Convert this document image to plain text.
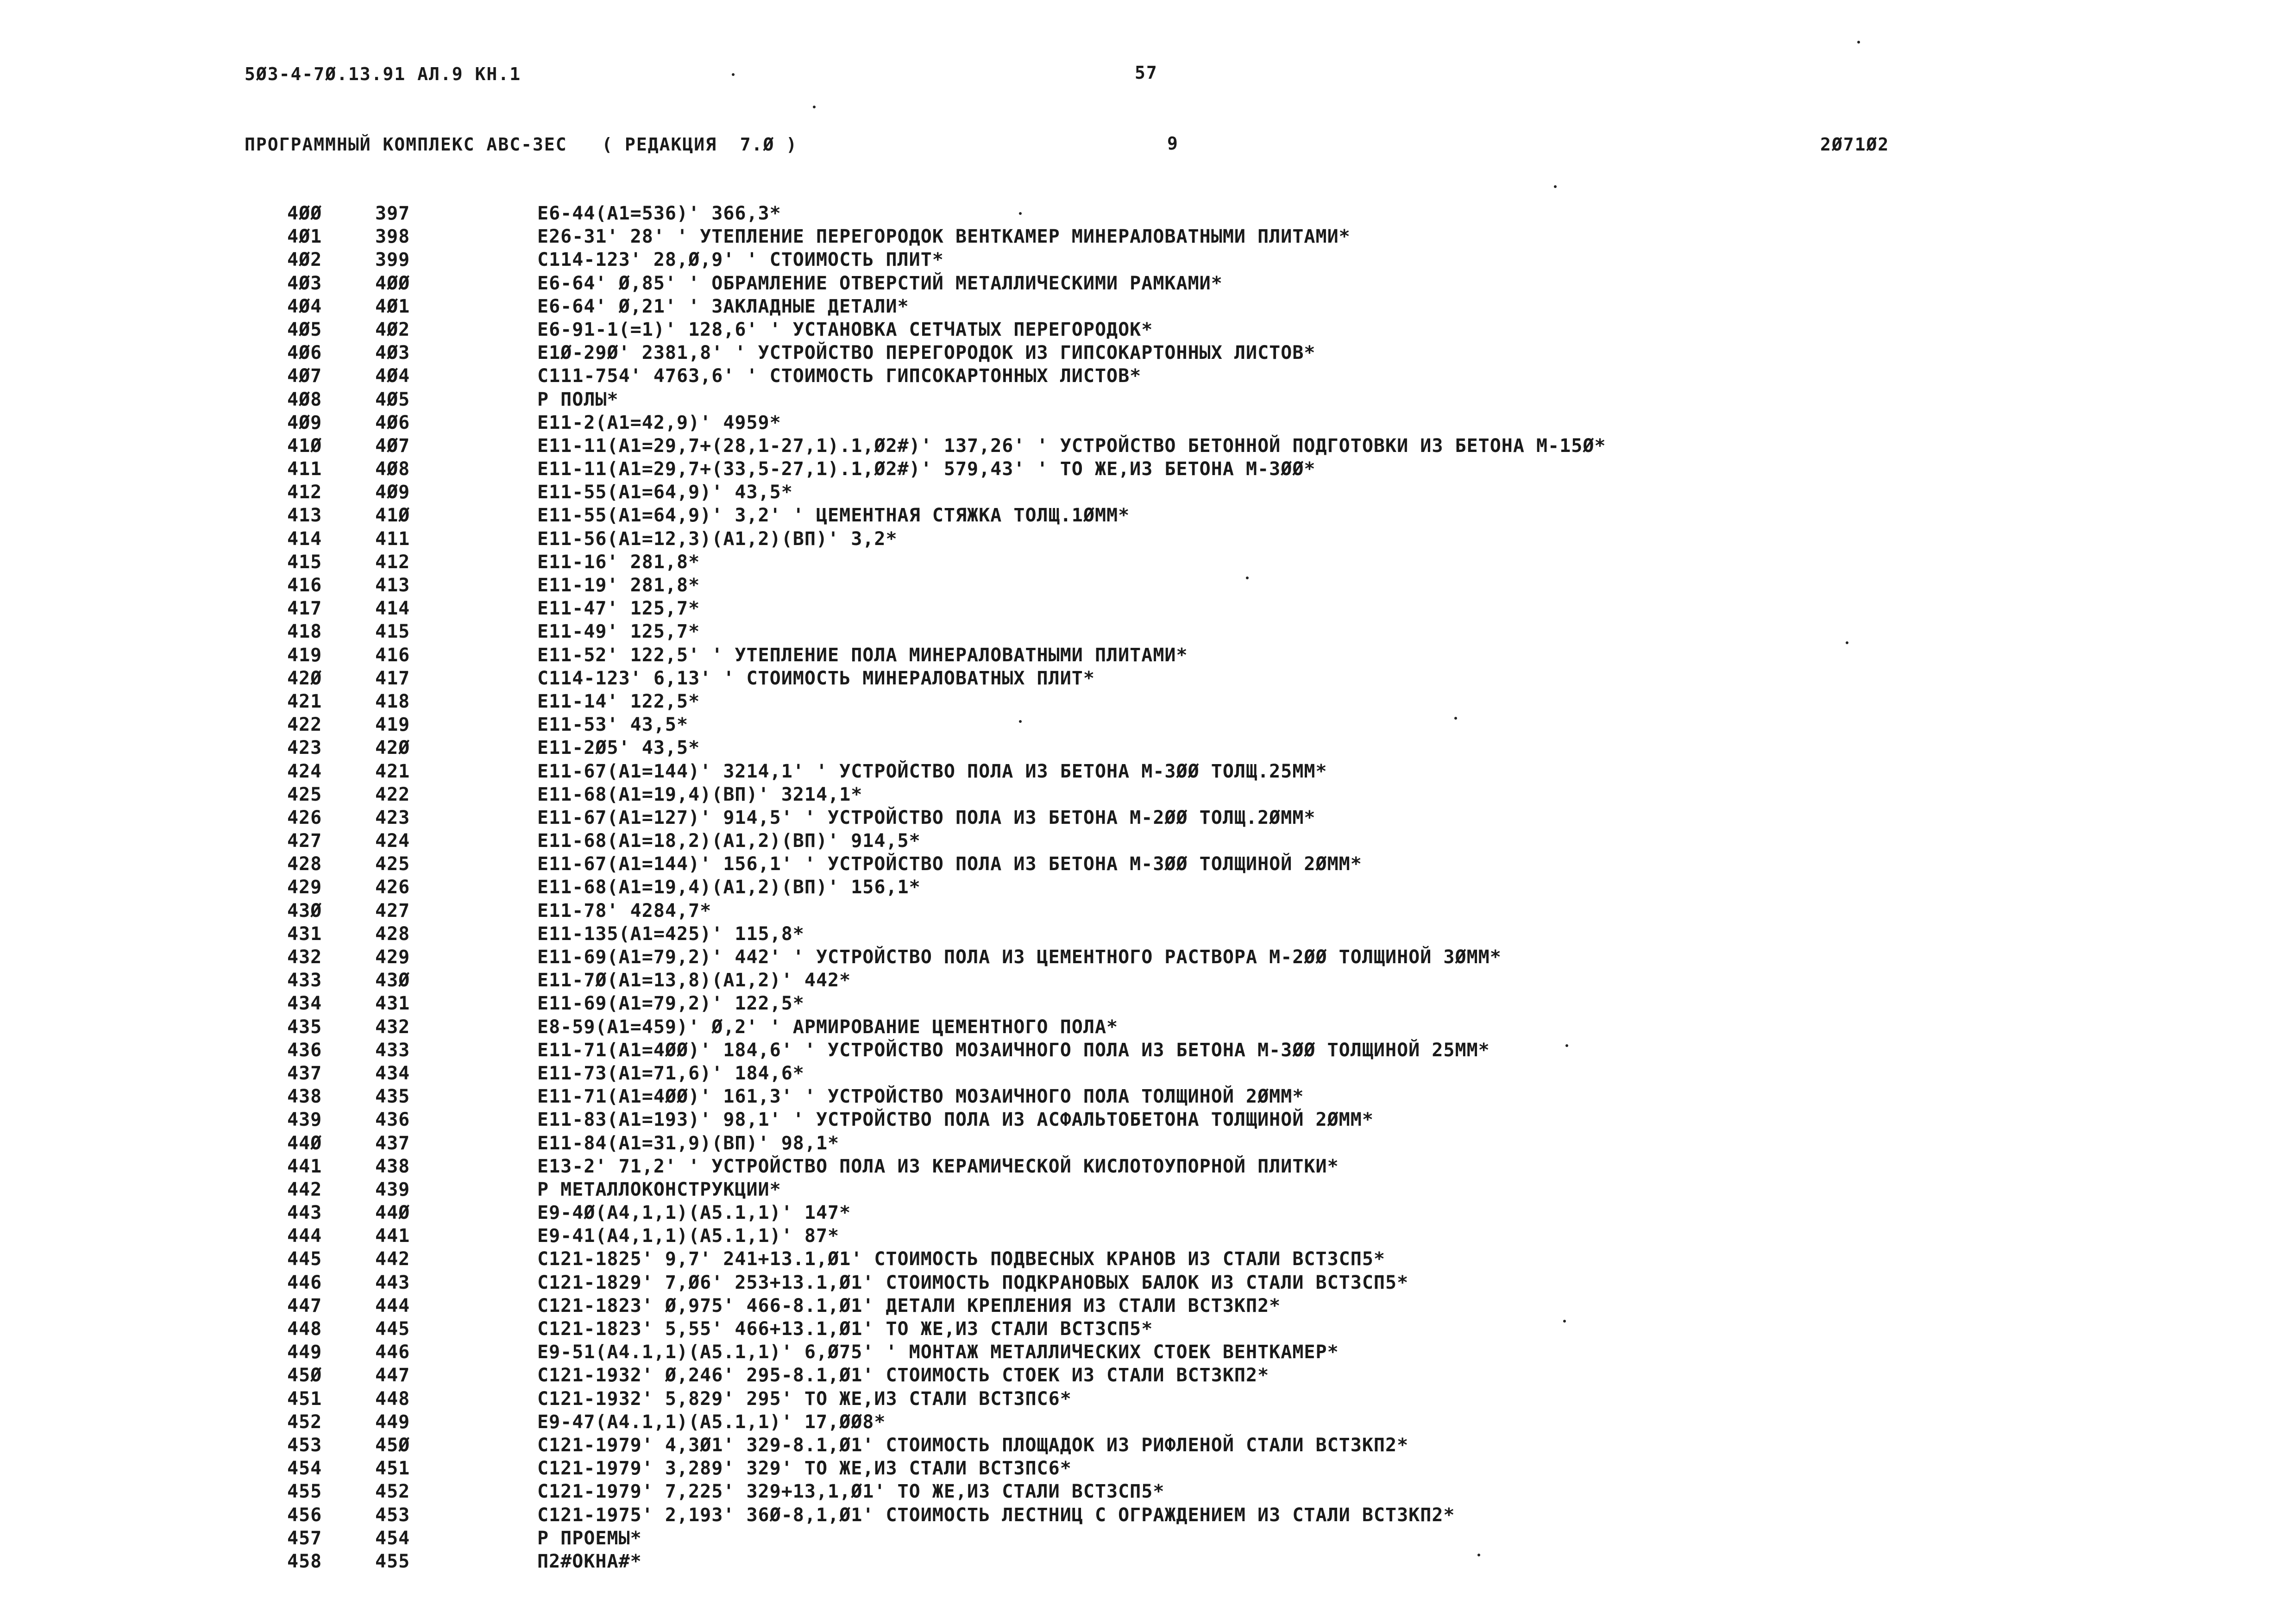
5Ø3-4-7Ø.13.91 АЛ.9 КН.1	57
ПРОГРАММНЫЙ КОМПЛЕКС АВС-3ЕС   ( РЕДАКЦИЯ  7.Ø )	9	2Ø71Ø2
4ØØ	397	Е6-44(А1=536)' 366,3*
4Ø1	398	Е26-31' 28' ' УТЕПЛЕНИЕ ПЕРЕГОРОДОК ВЕНТКАМЕР МИНЕРАЛОВАТНЫМИ ПЛИТАМИ*
4Ø2	399	С114-123' 28,Ø,9' ' СТОИМОСТЬ ПЛИТ*
4Ø3	4ØØ	Е6-64' Ø,85' ' ОБРАМЛЕНИЕ ОТВЕРСТИЙ МЕТАЛЛИЧЕСКИМИ РАМКАМИ*
4Ø4	4Ø1	Е6-64' Ø,21' ' ЗАКЛАДНЫЕ ДЕТАЛИ*
4Ø5	4Ø2	Е6-91-1(=1)' 128,6' ' УСТАНОВКА СЕТЧАТЫХ ПЕРЕГОРОДОК*
4Ø6	4Ø3	Е1Ø-29Ø' 2381,8' ' УСТРОЙСТВО ПЕРЕГОРОДОК ИЗ ГИПСОКАРТОННЫХ ЛИСТОВ*
4Ø7	4Ø4	С111-754' 4763,6' ' СТОИМОСТЬ ГИПСОКАРТОННЫХ ЛИСТОВ*
4Ø8	4Ø5	Р ПОЛЫ*
4Ø9	4Ø6	Е11-2(А1=42,9)' 4959*
41Ø	4Ø7	Е11-11(А1=29,7+(28,1-27,1).1,Ø2#)' 137,26' ' УСТРОЙСТВО БЕТОННОЙ ПОДГОТОВКИ ИЗ БЕТОНА М-15Ø*
411	4Ø8	Е11-11(А1=29,7+(33,5-27,1).1,Ø2#)' 579,43' ' ТО ЖЕ,ИЗ БЕТОНА М-3ØØ*
412	4Ø9	Е11-55(А1=64,9)' 43,5*
413	41Ø	Е11-55(А1=64,9)' 3,2' ' ЦЕМЕНТНАЯ СТЯЖКА ТОЛЩ.1ØММ*
414	411	Е11-56(А1=12,3)(А1,2)(ВП)' 3,2*
415	412	Е11-16' 281,8*
416	413	Е11-19' 281,8*
417	414	Е11-47' 125,7*
418	415	Е11-49' 125,7*
419	416	Е11-52' 122,5' ' УТЕПЛЕНИЕ ПОЛА МИНЕРАЛОВАТНЫМИ ПЛИТАМИ*
42Ø	417	С114-123' 6,13' ' СТОИМОСТЬ МИНЕРАЛОВАТНЫХ ПЛИТ*
421	418	Е11-14' 122,5*
422	419	Е11-53' 43,5*
423	42Ø	Е11-2Ø5' 43,5*
424	421	Е11-67(А1=144)' 3214,1' ' УСТРОЙСТВО ПОЛА ИЗ БЕТОНА М-3ØØ ТОЛЩ.25ММ*
425	422	Е11-68(А1=19,4)(ВП)' 3214,1*
426	423	Е11-67(А1=127)' 914,5' ' УСТРОЙСТВО ПОЛА ИЗ БЕТОНА М-2ØØ ТОЛЩ.2ØММ*
427	424	Е11-68(А1=18,2)(А1,2)(ВП)' 914,5*
428	425	Е11-67(А1=144)' 156,1' ' УСТРОЙСТВО ПОЛА ИЗ БЕТОНА М-3ØØ ТОЛЩИНОЙ 2ØММ*
429	426	Е11-68(А1=19,4)(А1,2)(ВП)' 156,1*
43Ø	427	Е11-78' 4284,7*
431	428	Е11-135(А1=425)' 115,8*
432	429	Е11-69(А1=79,2)' 442' ' УСТРОЙСТВО ПОЛА ИЗ ЦЕМЕНТНОГО РАСТВОРА М-2ØØ ТОЛЩИНОЙ 3ØММ*
433	43Ø	Е11-7Ø(А1=13,8)(А1,2)' 442*
434	431	Е11-69(А1=79,2)' 122,5*
435	432	Е8-59(А1=459)' Ø,2' ' АРМИРОВАНИЕ ЦЕМЕНТНОГО ПОЛА*
436	433	Е11-71(А1=4ØØ)' 184,6' ' УСТРОЙСТВО МОЗАИЧНОГО ПОЛА ИЗ БЕТОНА М-3ØØ ТОЛЩИНОЙ 25ММ*
437	434	Е11-73(А1=71,6)' 184,6*
438	435	Е11-71(А1=4ØØ)' 161,3' ' УСТРОЙСТВО МОЗАИЧНОГО ПОЛА ТОЛЩИНОЙ 2ØММ*
439	436	Е11-83(А1=193)' 98,1' ' УСТРОЙСТВО ПОЛА ИЗ АСФАЛЬТОБЕТОНА ТОЛЩИНОЙ 2ØММ*
44Ø	437	Е11-84(А1=31,9)(ВП)' 98,1*
441	438	Е13-2' 71,2' ' УСТРОЙСТВО ПОЛА ИЗ КЕРАМИЧЕСКОЙ КИСЛОТОУПОРНОЙ ПЛИТКИ*
442	439	Р МЕТАЛЛОКОНСТРУКЦИИ*
443	44Ø	Е9-4Ø(А4,1,1)(А5.1,1)' 147*
444	441	Е9-41(А4,1,1)(А5.1,1)' 87*
445	442	С121-1825' 9,7' 241+13.1,Ø1' СТОИМОСТЬ ПОДВЕСНЫХ КРАНОВ ИЗ СТАЛИ ВСТ3СП5*
446	443	С121-1829' 7,Ø6' 253+13.1,Ø1' СТОИМОСТЬ ПОДКРАНОВЫХ БАЛОК ИЗ СТАЛИ ВСТ3СП5*
447	444	С121-1823' Ø,975' 466-8.1,Ø1' ДЕТАЛИ КРЕПЛЕНИЯ ИЗ СТАЛИ ВСТ3КП2*
448	445	С121-1823' 5,55' 466+13.1,Ø1' ТО ЖЕ,ИЗ СТАЛИ ВСТ3СП5*
449	446	Е9-51(А4.1,1)(А5.1,1)' 6,Ø75' ' МОНТАЖ МЕТАЛЛИЧЕСКИХ СТОЕК ВЕНТКАМЕР*
45Ø	447	С121-1932' Ø,246' 295-8.1,Ø1' СТОИМОСТЬ СТОЕК ИЗ СТАЛИ ВСТ3КП2*
451	448	С121-1932' 5,829' 295' ТО ЖЕ,ИЗ СТАЛИ ВСТ3ПС6*
452	449	Е9-47(А4.1,1)(А5.1,1)' 17,ØØ8*
453	45Ø	С121-1979' 4,3Ø1' 329-8.1,Ø1' СТОИМОСТЬ ПЛОЩАДОК ИЗ РИФЛЕНОЙ СТАЛИ ВСТ3КП2*
454	451	С121-1979' 3,289' 329' ТО ЖЕ,ИЗ СТАЛИ ВСТ3ПС6*
455	452	С121-1979' 7,225' 329+13,1,Ø1' ТО ЖЕ,ИЗ СТАЛИ ВСТ3СП5*
456	453	С121-1975' 2,193' 36Ø-8,1,Ø1' СТОИМОСТЬ ЛЕСТНИЦ С ОГРАЖДЕНИЕМ ИЗ СТАЛИ ВСТ3КП2*
457	454	Р ПРОЕМЫ*
458	455	П2#ОКНА#*
